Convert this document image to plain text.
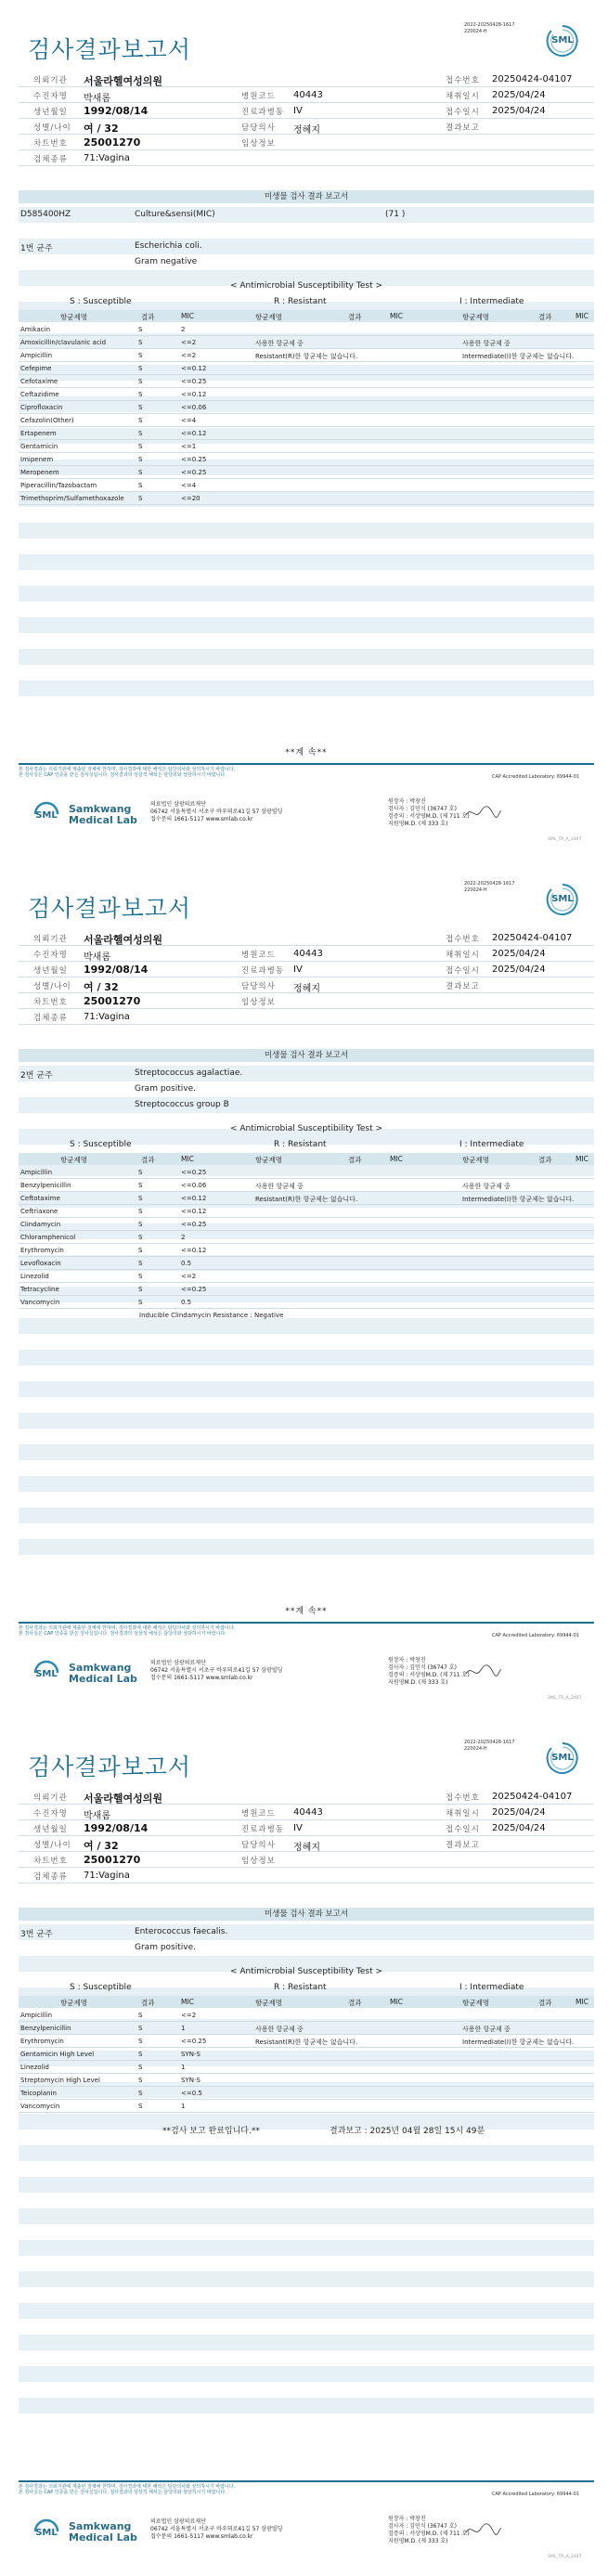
검사결과보고서
2022-20250428-1617
220024-H
SML
의뢰기관 서울라헬여성의원	접수번호 20250424-04107
수진자명 박새롬	병원코드 40443	채취일시 2025/04/24
생년월일 1992/08/14	진료과병동 IV	접수일시 2025/04/24
성별/나이 여 / 32	담당의사 정혜지	결과보고
차트번호 25001270	임상정보
검체종류 71:Vagina
미생물 검사 결과 보고서
D585400HZ	Culture&sensi(MIC)	(71 )
1번 균주	Escherichia coli.
Gram negative
< Antimicrobial Susceptibility Test >
S : Susceptible	R : Resistant	I : Intermediate
항균제명	결과	MIC	항균제명	결과	MIC	항균제명	결과	MIC
Amikacin	S	2
Amoxicillin/clavulanic acid	S	<=2	사용한 항균제 중	사용한 항균제 중
Ampicillin	S	<=2	Resistant(R)한 항균제는 없습니다.	Intermediate(I)한 항균제는 없습니다.
Cefepime	S	<=0.12
Cefotaxime	S	<=0.25
Ceftazidime	S	<=0.12
Ciprofloxacin	S	<=0.06
Cefazolin(Other)	S	<=4
Ertapenem	S	<=0.12
Gentamicin	S	<=1
Imipenem	S	<=0.25
Meropenem	S	<=0.25
Piperacillin/Tazobactam	S	<=4
Trimethoprim/Sulfamethoxazole S	<=20
**계 속**
본 검사결과는 의뢰기관에 제출된 검체에 한하며, 검사결과에 대한 해석은 담당의사와 상의하시기 바랍니다.
본 검사실은 CAP 인증을 받은 검사실입니다. 검사결과의 임상적 해석은 담당의와 상담하시기 바랍니다.	CAP Accredited Laboratory: 69944-01
SML
Samkwang
Medical Lab
의료법인 삼광의료재단
06742 서울특별시 서초구 바우뫼로41길 57 삼광빌딩
접수문의 1661-5117 www.smlab.co.kr
원장자 : 박창진
검사자 : 김민식 (36747 호)
검증의 : 서상영M.D. (제 711 호)
지원영M.D. (제 333 호)
SML_TR_A_2407
검사결과보고서
2022-20250428-1617
220024-H
SML
의뢰기관 서울라헬여성의원	접수번호 20250424-04107
수진자명 박새롬	병원코드 40443	채취일시 2025/04/24
생년월일 1992/08/14	진료과병동 IV	접수일시 2025/04/24
성별/나이 여 / 32	담당의사 정혜지	결과보고
차트번호 25001270	임상정보
검체종류 71:Vagina
미생물 검사 결과 보고서
2번 균주	Streptococcus agalactiae.
Gram positive.
Streptococcus group B
< Antimicrobial Susceptibility Test >
S : Susceptible	R : Resistant	I : Intermediate
항균제명	결과	MIC	항균제명	결과	MIC	항균제명	결과	MIC
Ampicillin	S	<=0.25
Benzylpenicillin	S	<=0.06	사용한 항균제 중	사용한 항균제 중
Ceftotaxime	S	<=0.12	Resistant(R)한 항균제는 없습니다.	Intermediate(I)한 항균제는 없습니다.
Ceftriaxone	S	<=0.12
Clindamycin	S	<=0.25
Chloramphenicol	S	2
Erythromycin	S	<=0.12
Levofloxacin	S	0.5
Linezolid	S	<=2
Tetracycline	S	<=0.25
Vancomycin	S	0.5
Inducible Clindamycin Resistance : Negative
**계 속**
본 검사결과는 의뢰기관에 제출된 검체에 한하며, 검사결과에 대한 해석은 담당의사와 상의하시기 바랍니다.
본 검사실은 CAP 인증을 받은 검사실입니다. 검사결과의 임상적 해석은 담당의와 상담하시기 바랍니다.	CAP Accredited Laboratory: 69944-01
SML
Samkwang
Medical Lab
의료법인 삼광의료재단
06742 서울특별시 서초구 바우뫼로41길 57 삼광빌딩
접수문의 1661-5117 www.smlab.co.kr
원장자 : 박창진
검사자 : 김민식 (36747 호)
검증의 : 서상영M.D. (제 711 호)
지원영M.D. (제 333 호)
SML_TR_A_2407
검사결과보고서
2022-20250428-1617
220024-H
SML
의뢰기관 서울라헬여성의원	접수번호 20250424-04107
수진자명 박새롬	병원코드 40443	채취일시 2025/04/24
생년월일 1992/08/14	진료과병동 IV	접수일시 2025/04/24
성별/나이 여 / 32	담당의사 정혜지	결과보고
차트번호 25001270	임상정보
검체종류 71:Vagina
미생물 검사 결과 보고서
3번 균주	Enterococcus faecalis.
Gram positive.
< Antimicrobial Susceptibility Test >
S : Susceptible	R : Resistant	I : Intermediate
항균제명	결과	MIC	항균제명	결과	MIC	항균제명	결과	MIC
Ampicillin	S	<=2
Benzylpenicillin	S	1	사용한 항균제 중	사용한 항균제 중
Erythromycin	S	<=0.25	Resistant(R)한 항균제는 없습니다.	Intermediate(I)한 항균제는 없습니다.
Gentamicin High Level	S	SYN-S
Linezolid	S	1
Streptomycin High Level	S	SYN-S
Teicoplanin	S	<=0.5
Vancomycin	S	1
**검사 보고 완료입니다.**	결과보고 : 2025년 04월 28일 15시 49분
본 검사결과는 의뢰기관에 제출된 검체에 한하며, 검사결과에 대한 해석은 담당의사와 상의하시기 바랍니다.
본 검사실은 CAP 인증을 받은 검사실입니다. 검사결과의 임상적 해석은 담당의와 상담하시기 바랍니다.	CAP Accredited Laboratory: 69944-01
SML
Samkwang
Medical Lab
의료법인 삼광의료재단
06742 서울특별시 서초구 바우뫼로41길 57 삼광빌딩
접수문의 1661-5117 www.smlab.co.kr
원장자 : 박창진
검사자 : 김민식 (36747 호)
검증의 : 서상영M.D. (제 711 호)
지원영M.D. (제 333 호)
SML_TR_A_2407
